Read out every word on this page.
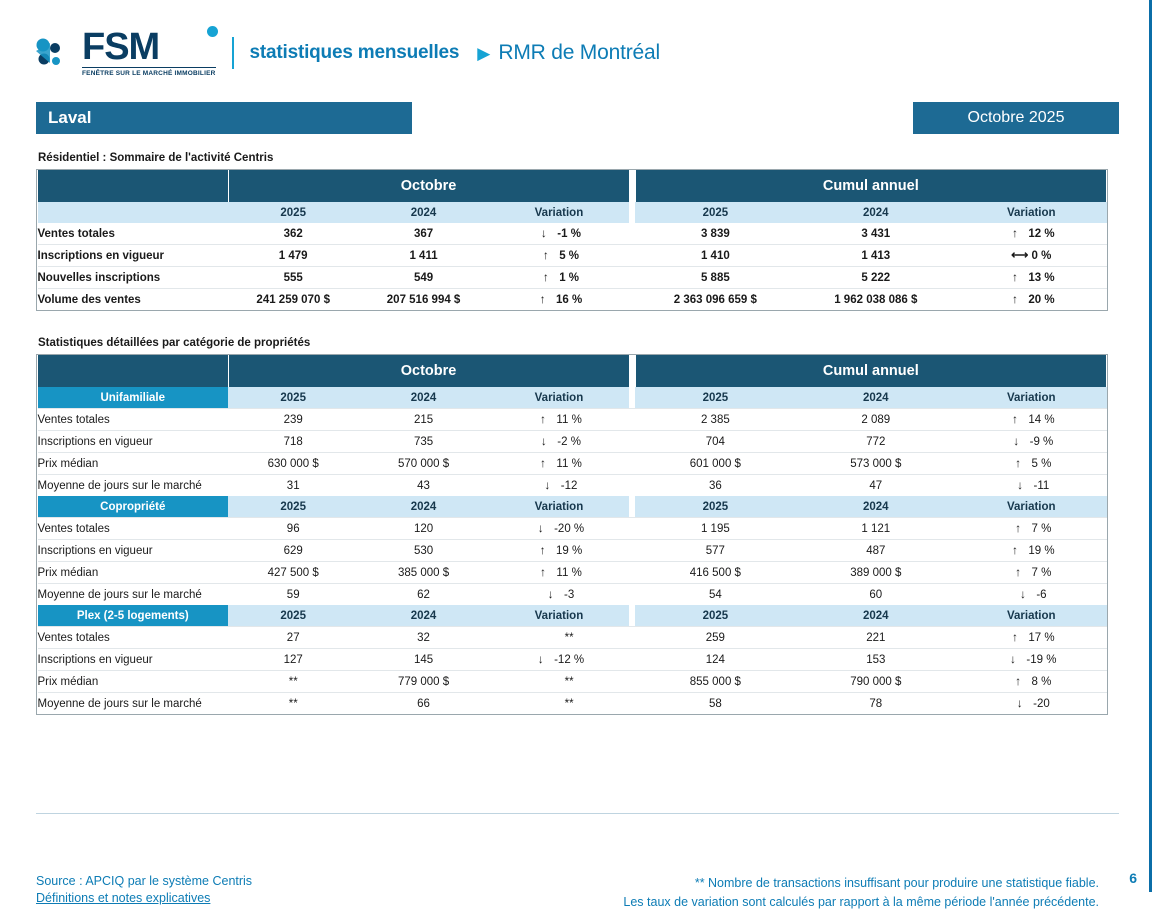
FSM
FENÊTRE SUR LE MARCHÉ IMMOBILIER
statistiques mensuelles ▶ RMR de Montréal
Laval	Octobre 2025
Résidentiel : Sommaire de l'activité Centris
	Octobre				Cumul annuel		
	2025	2024	Variation		2025	2024	Variation
Ventes totales	362	367	↓  -1 %		3 839	3 431	↑  12 %
Inscriptions en vigueur	1 479	1 411	↑  5 %		1 410	1 413	⟷  0 %
Nouvelles inscriptions	555	549	↑  1 %		5 885	5 222	↑  13 %
Volume des ventes	241 259 070 $	207 516 994 $	↑  16 %		2 363 096 659 $	1 962 038 086 $	↑  20 %
Statistiques détaillées par catégorie de propriétés
	Octobre				Cumul annuel		
Unifamiliale	2025	2024	Variation		2025	2024	Variation
Ventes totales	239	215	↑  11 %		2 385	2 089	↑  14 %
Inscriptions en vigueur	718	735	↓  -2 %		704	772	↓  -9 %
Prix médian	630 000 $	570 000 $	↑  11 %		601 000 $	573 000 $	↑  5 %
Moyenne de jours sur le marché	31	43	↓  -12		36	47	↓  -11
Copropriété	2025	2024	Variation		2025	2024	Variation
Ventes totales	96	120	↓  -20 %		1 195	1 121	↑  7 %
Inscriptions en vigueur	629	530	↑  19 %		577	487	↑  19 %
Prix médian	427 500 $	385 000 $	↑  11 %		416 500 $	389 000 $	↑  7 %
Moyenne de jours sur le marché	59	62	↓  -3		54	60	↓  -6
Plex (2-5 logements)	2025	2024	Variation		2025	2024	Variation
Ventes totales	27	32	**		259	221	↑  17 %
Inscriptions en vigueur	127	145	↓  -12 %		124	153	↓  -19 %
Prix médian	**	779 000 $	**		855 000 $	790 000 $	↑  8 %
Moyenne de jours sur le marché	**	66	**		58	78	↓  -20
Source : APCIQ par le système Centris
Définitions et notes explicatives
** Nombre de transactions insuffisant pour produire une statistique fiable.
Les taux de variation sont calculés par rapport à la même période l'année précédente.
6
